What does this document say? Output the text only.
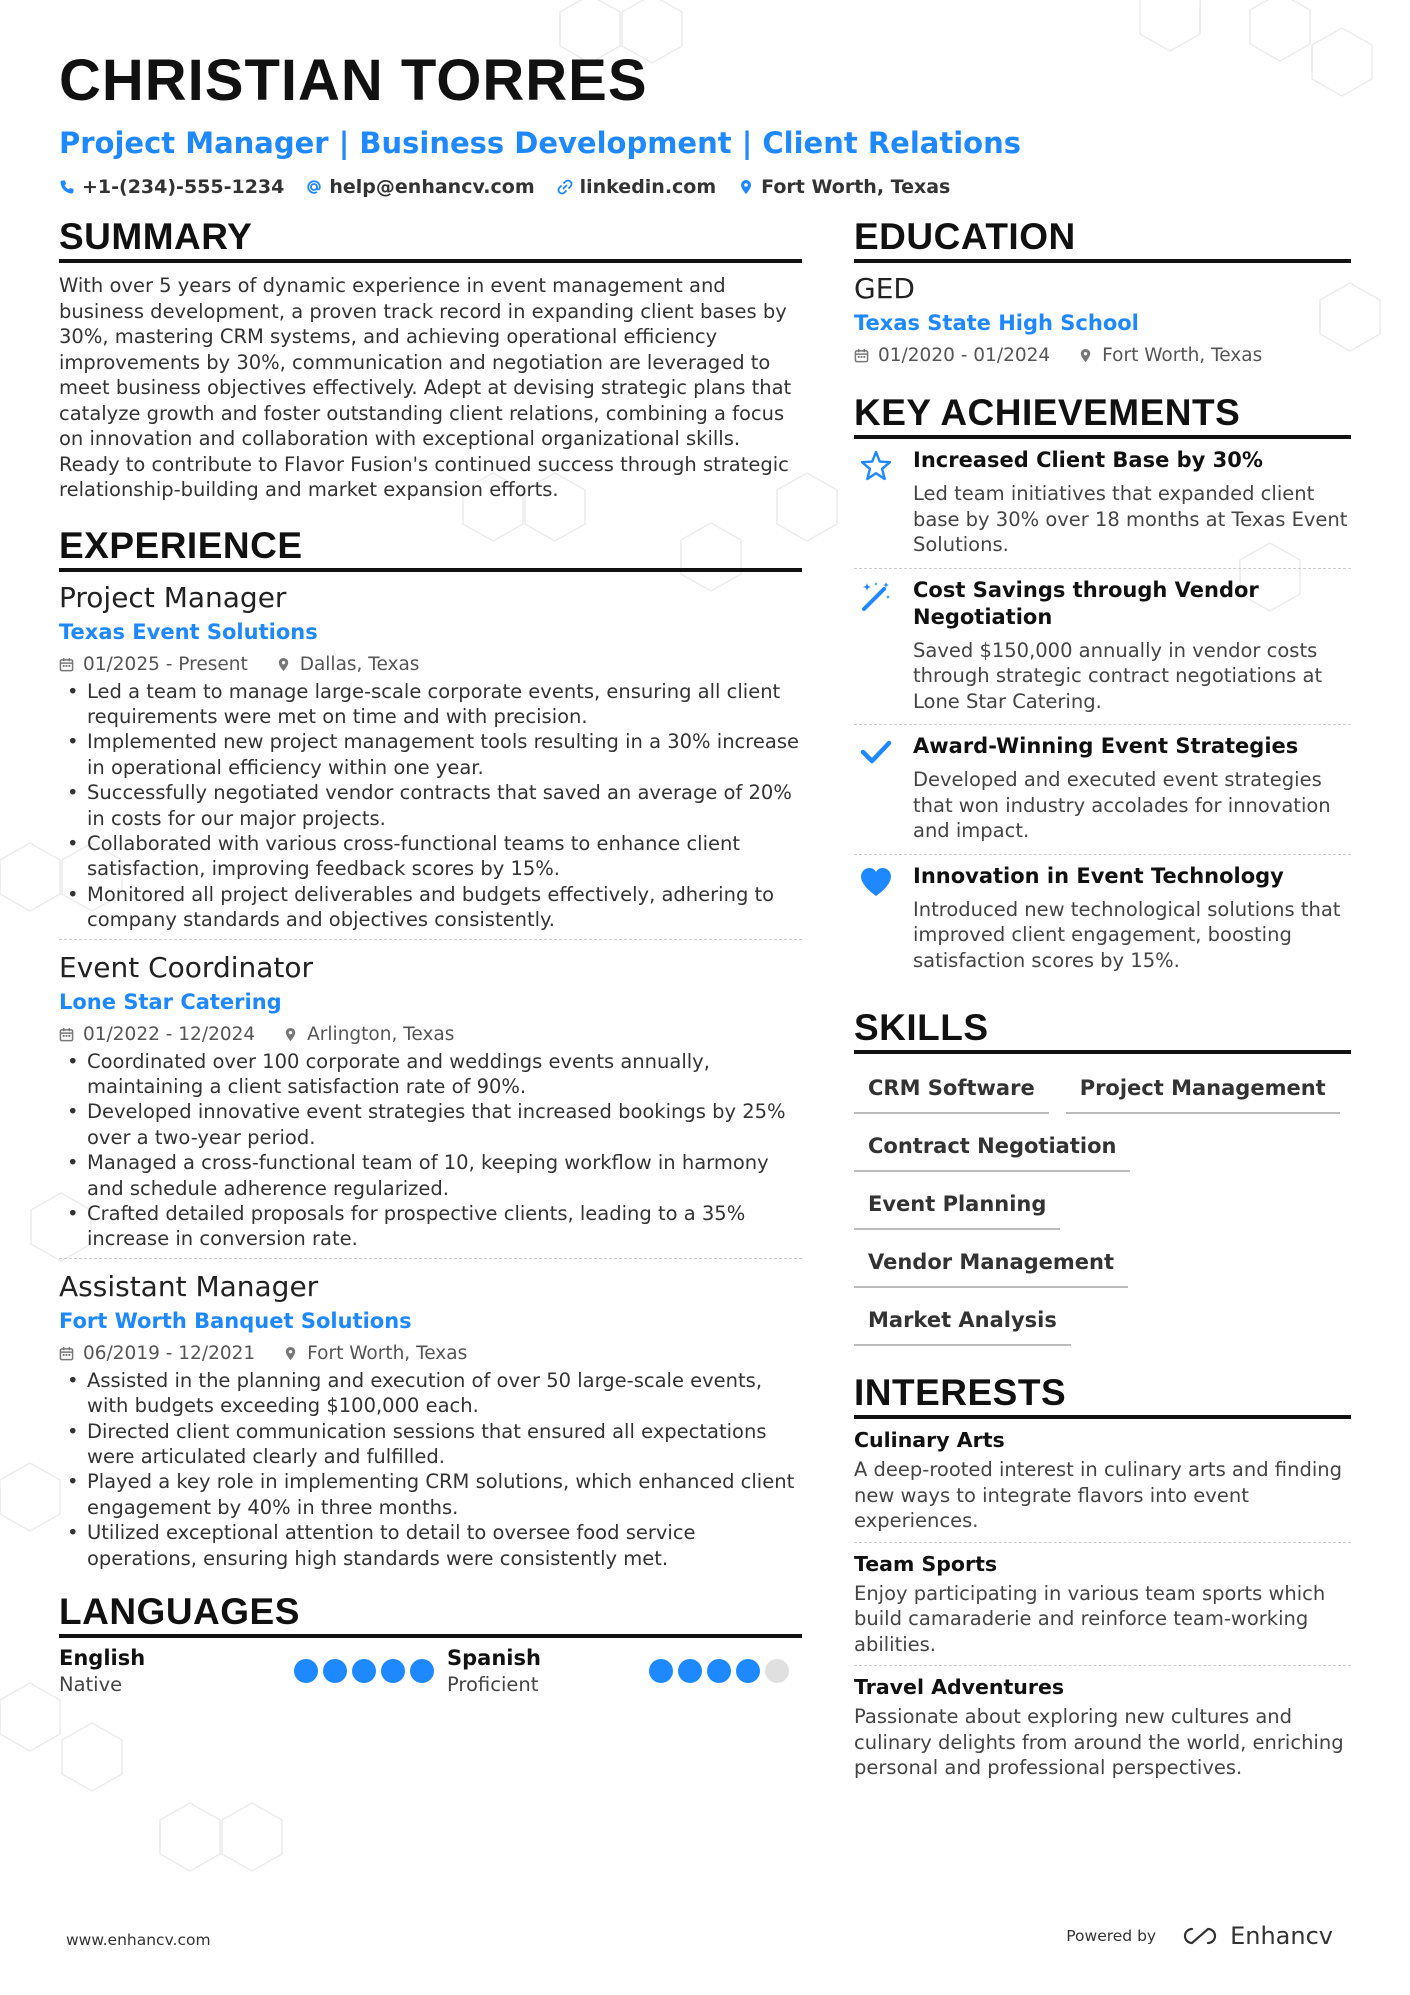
CHRISTIAN TORRES
Project Manager | Business Development | Client Relations
+1-(234)-555-1234 help@enhancv.com linkedin.com Fort Worth, Texas
SUMMARY
With over 5 years of dynamic experience in event management and business development, a proven track record in expanding client bases by 30%, mastering CRM systems, and achieving operational efficiency improvements by 30%, communication and negotiation are leveraged to meet business objectives effectively. Adept at devising strategic plans that catalyze growth and foster outstanding client relations, combining a focus on innovation and collaboration with exceptional organizational skills. Ready to contribute to Flavor Fusion's continued success through strategic relationship-building and market expansion efforts.
EXPERIENCE
Project Manager
Texas Event Solutions
01/2025 - Present	Dallas, Texas
• Led a team to manage large-scale corporate events, ensuring all client requirements were met on time and with precision.
• Implemented new project management tools resulting in a 30% increase in operational efficiency within one year.
• Successfully negotiated vendor contracts that saved an average of 20% in costs for our major projects.
• Collaborated with various cross-functional teams to enhance client satisfaction, improving feedback scores by 15%.
• Monitored all project deliverables and budgets effectively, adhering to company standards and objectives consistently.
Event Coordinator
Lone Star Catering
01/2022 - 12/2024	Arlington, Texas
• Coordinated over 100 corporate and weddings events annually, maintaining a client satisfaction rate of 90%.
• Developed innovative event strategies that increased bookings by 25% over a two-year period.
• Managed a cross-functional team of 10, keeping workflow in harmony and schedule adherence regularized.
• Crafted detailed proposals for prospective clients, leading to a 35% increase in conversion rate.
Assistant Manager
Fort Worth Banquet Solutions
06/2019 - 12/2021	Fort Worth, Texas
• Assisted in the planning and execution of over 50 large-scale events, with budgets exceeding $100,000 each.
• Directed client communication sessions that ensured all expectations were articulated clearly and fulfilled.
• Played a key role in implementing CRM solutions, which enhanced client engagement by 40% in three months.
• Utilized exceptional attention to detail to oversee food service operations, ensuring high standards were consistently met.
LANGUAGES
English
Native
Spanish
Proficient
EDUCATION
GED
Texas State High School
01/2020 - 01/2024	Fort Worth, Texas
KEY ACHIEVEMENTS
Increased Client Base by 30%
Led team initiatives that expanded client base by 30% over 18 months at Texas Event Solutions.
Cost Savings through Vendor Negotiation
Saved $150,000 annually in vendor costs through strategic contract negotiations at Lone Star Catering.
Award-Winning Event Strategies
Developed and executed event strategies that won industry accolades for innovation and impact.
Innovation in Event Technology
Introduced new technological solutions that improved client engagement, boosting satisfaction scores by 15%.
SKILLS
CRM Software	Project Management
Contract Negotiation
Event Planning
Vendor Management
Market Analysis
INTERESTS
Culinary Arts
A deep-rooted interest in culinary arts and finding new ways to integrate flavors into event experiences.
Team Sports
Enjoy participating in various team sports which build camaraderie and reinforce team-working abilities.
Travel Adventures
Passionate about exploring new cultures and culinary delights from around the world, enriching personal and professional perspectives.
www.enhancv.com	Powered by	Enhancv
